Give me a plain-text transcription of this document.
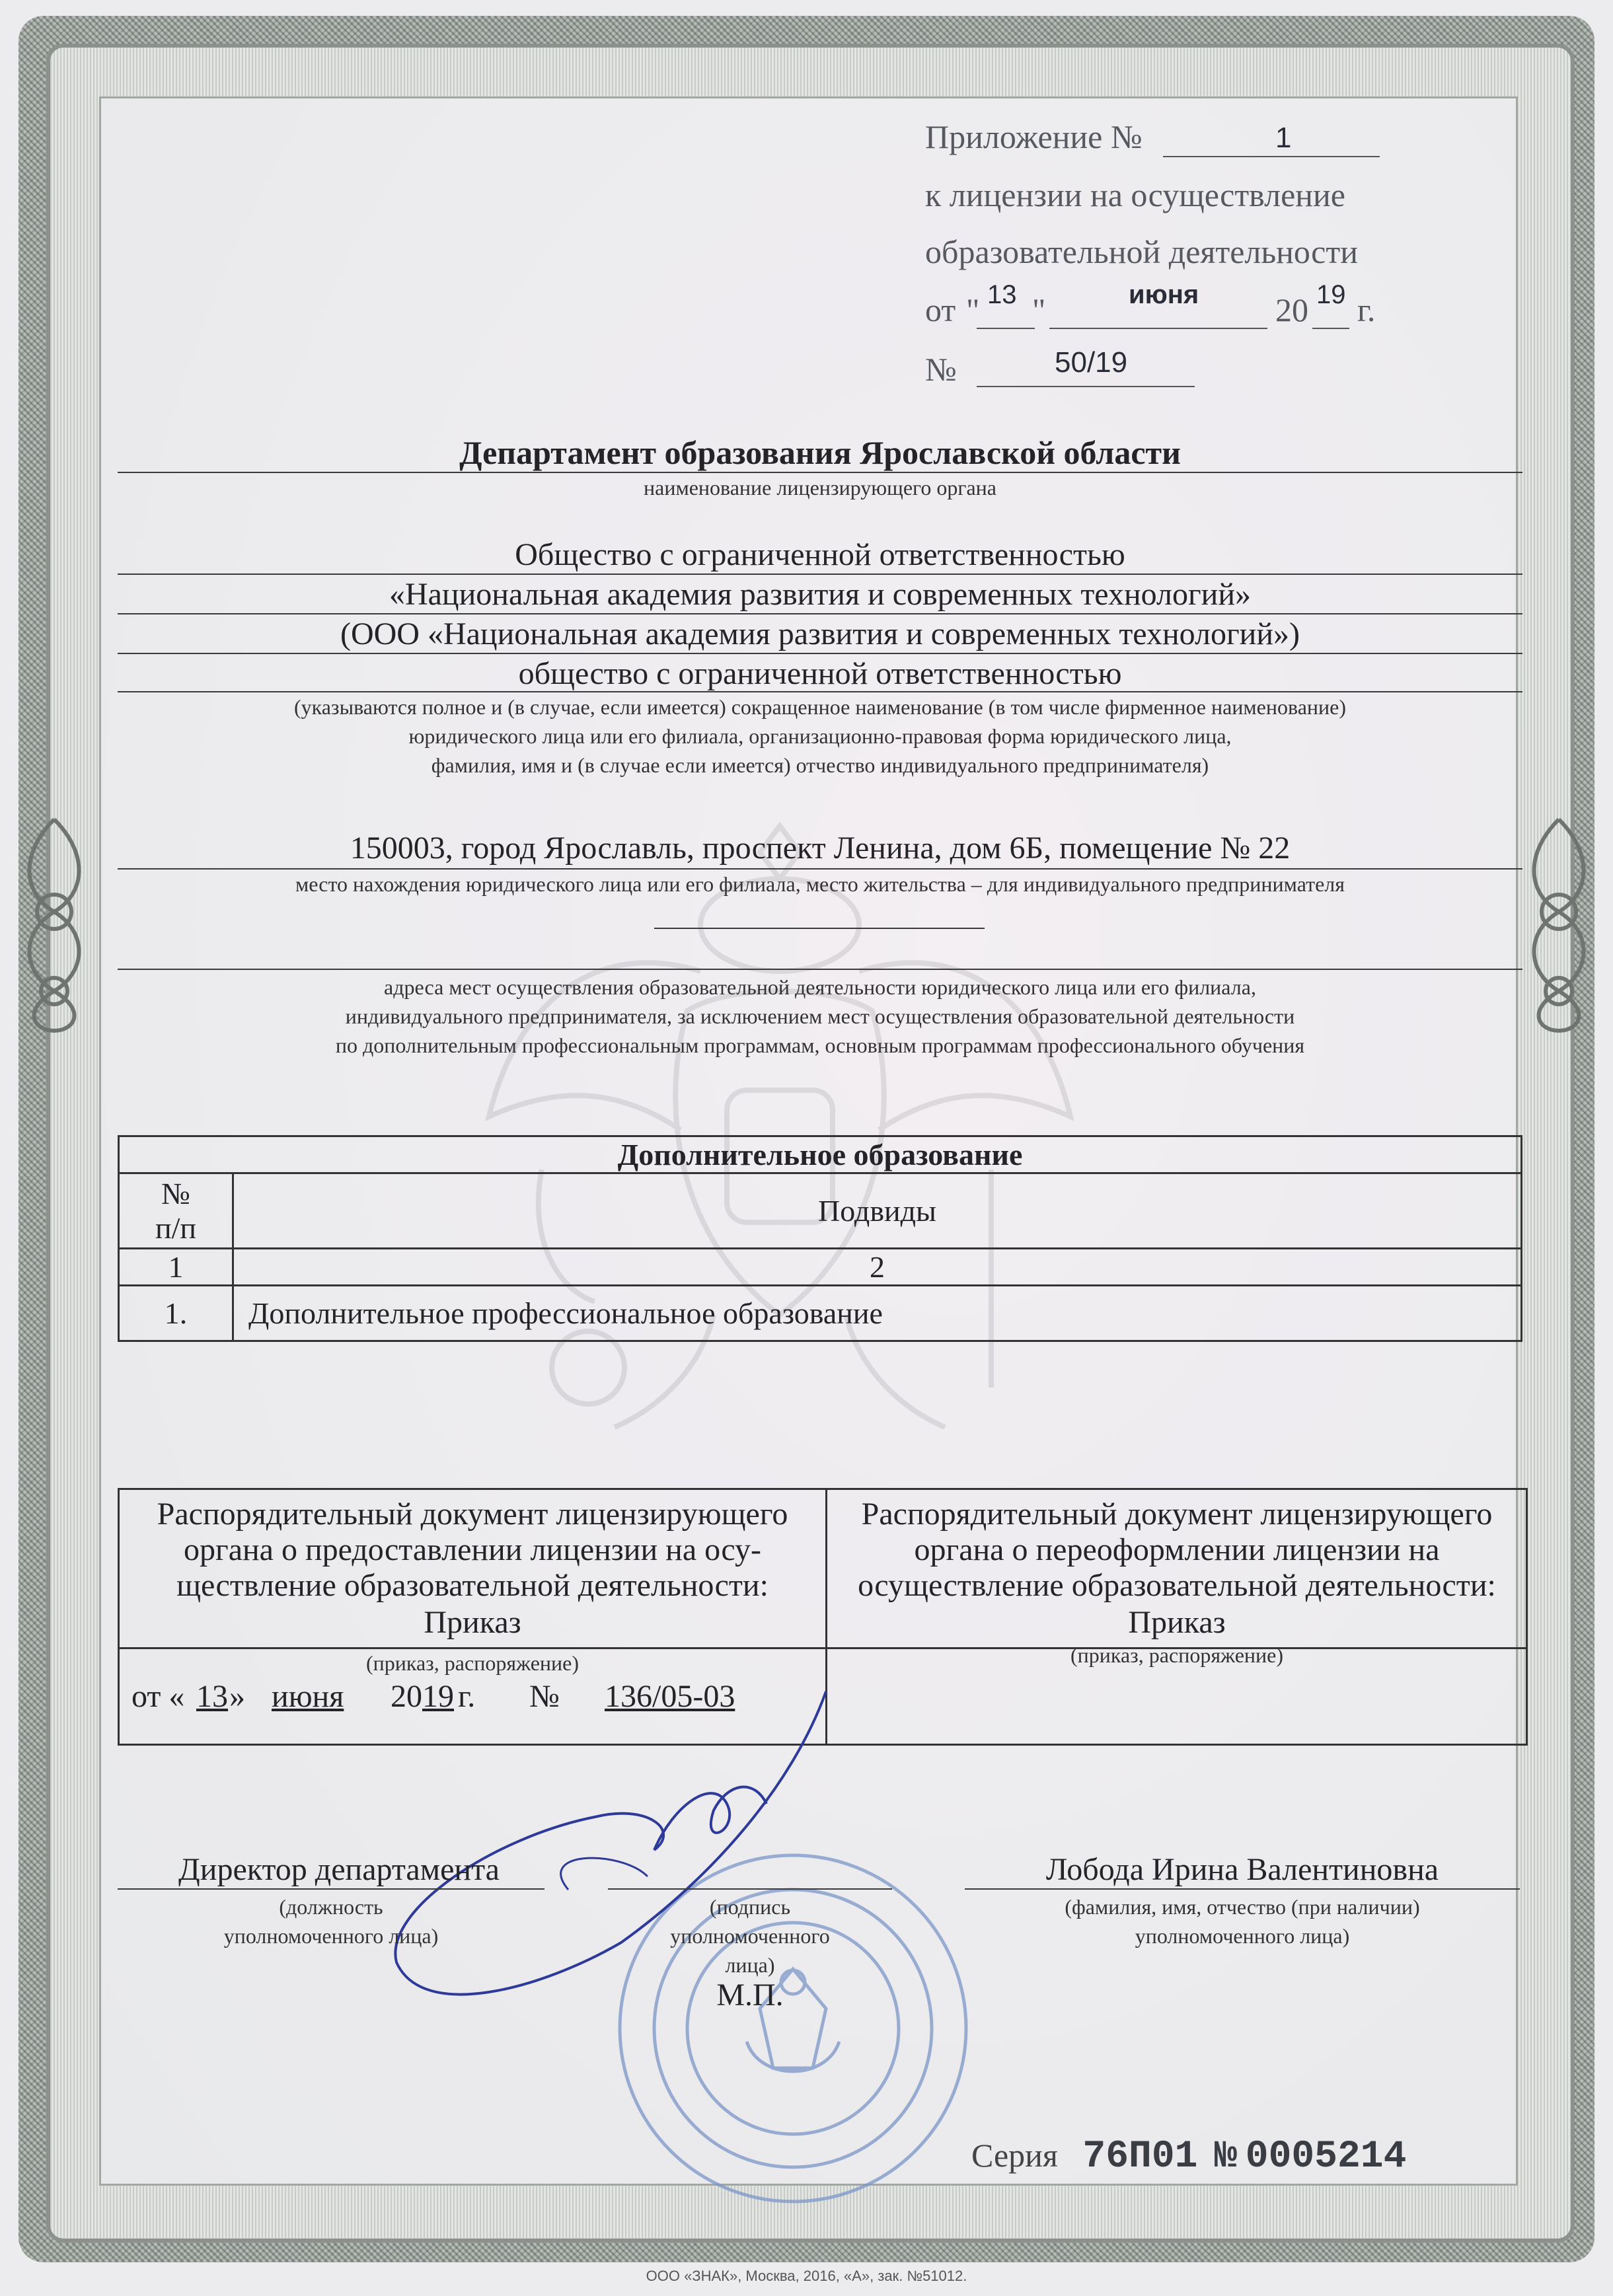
Приложение №	1
к лицензии на осуществление
образовательной деятельности
от " 13 "	июня 20 19 г.
№	50/19
Департамент образования Ярославской области
наименование лицензирующего органа
Общество с ограниченной ответственностью
«Национальная академия развития и современных технологий»
(ООО «Национальная академия развития и современных технологий»)
общество с ограниченной ответственностью
(указываются полное и (в случае, если имеется) сокращенное наименование (в том числе фирменное наименование)
юридического лица или его филиала, организационно-правовая форма юридического лица,
фамилия, имя и (в случае если имеется) отчество индивидуального предпринимателя)
150003, город Ярославль, проспект Ленина, дом 6Б, помещение № 22
место нахождения юридического лица или его филиала, место жительства – для индивидуального предпринимателя
адреса мест осуществления образовательной деятельности юридического лица или его филиала,
индивидуального предпринимателя, за исключением мест осуществления образовательной деятельности
по дополнительным профессиональным программам, основным программам профессионального обучения
Дополнительное образование	
№
п/п	Подвиды
1	2
1.	Дополнительное профессиональное образование
Распорядительный документ лицензирующего
органа о предоставлении лицензии на осу-
ществление образовательной деятельности:
Приказ
(приказ, распоряжение)
от « 13 » июня 20 19 г. № 136/05-03
Распорядительный документ лицензирующего
органа о переоформлении лицензии на
осуществление образовательной деятельности:
Приказ
(приказ, распоряжение)
Директор департамента
(должность
уполномоченного лица)
(подпись
уполномоченного
лица)
М.П.
Лобода Ирина Валентиновна
(фамилия, имя, отчество (при наличии)
уполномоченного лица)
Серия 76П01 № 0005214
ООО «ЗНАК», Москва, 2016, «А», зак. №51012.
